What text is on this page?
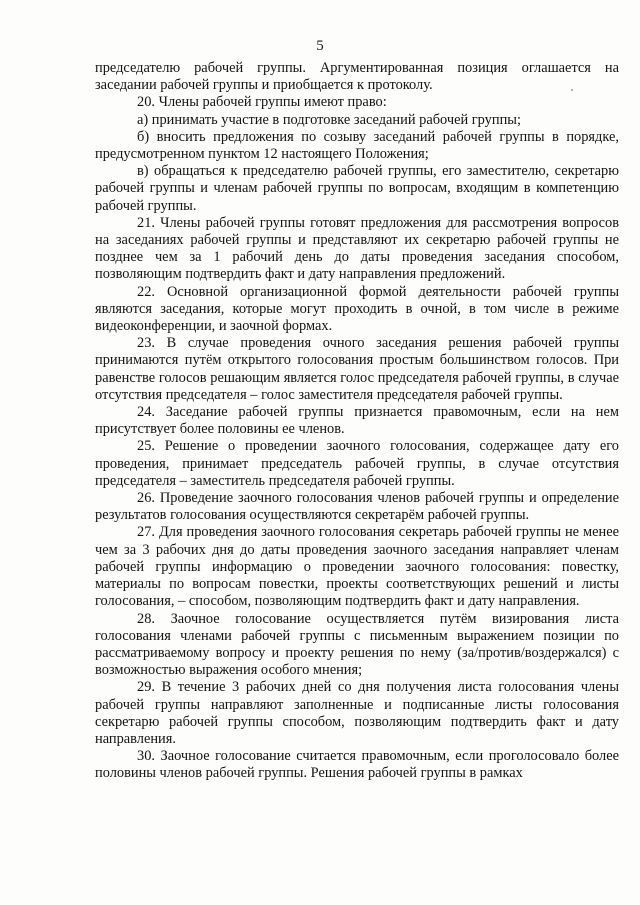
5

председателю рабочей группы. Аргументированная позиция оглашается на заседании рабочей группы и приобщается к протоколу.

20. Члены рабочей группы имеют право:

а) принимать участие в подготовке заседаний рабочей группы;

б) вносить предложения по созыву заседаний рабочей группы в порядке, предусмотренном пунктом 12 настоящего Положения;

в) обращаться к председателю рабочей группы, его заместителю, секретарю рабочей группы и членам рабочей группы по вопросам, входящим в компетенцию рабочей группы.

21. Члены рабочей группы готовят предложения для рассмотрения вопросов на заседаниях рабочей группы и представляют их секретарю рабочей группы не позднее чем за 1 рабочий день до даты проведения заседания способом, позволяющим подтвердить факт и дату направления предложений.

22. Основной организационной формой деятельности рабочей группы являются заседания, которые могут проходить в очной, в том числе в режиме видеоконференции, и заочной формах.

23. В случае проведения очного заседания решения рабочей группы принимаются путём открытого голосования простым большинством голосов. При равенстве голосов решающим является голос председателя рабочей группы, в случае отсутствия председателя – голос заместителя председателя рабочей группы.

24. Заседание рабочей группы признается правомочным, если на нем присутствует более половины ее членов.

25. Решение о проведении заочного голосования, содержащее дату его проведения, принимает председатель рабочей группы, в случае отсутствия председателя – заместитель председателя рабочей группы.

26. Проведение заочного голосования членов рабочей группы и определение результатов голосования осуществляются секретарём рабочей группы.

27. Для проведения заочного голосования секретарь рабочей группы не менее чем за 3 рабочих дня до даты проведения заочного заседания направляет членам рабочей группы информацию о проведении заочного голосования: повестку, материалы по вопросам повестки, проекты соответствующих решений и листы голосования, – способом, позволяющим подтвердить факт и дату направления.

28. Заочное голосование осуществляется путём визирования листа голосования членами рабочей группы с письменным выражением позиции по рассматриваемому вопросу и проекту решения по нему (за/против/воздержался) с возможностью выражения особого мнения;

29. В течение 3 рабочих дней со дня получения листа голосования члены рабочей группы направляют заполненные и подписанные листы голосования секретарю рабочей группы способом, позволяющим подтвердить факт и дату направления.

30. Заочное голосование считается правомочным, если проголосовало более половины членов рабочей группы. Решения рабочей группы в рамках
